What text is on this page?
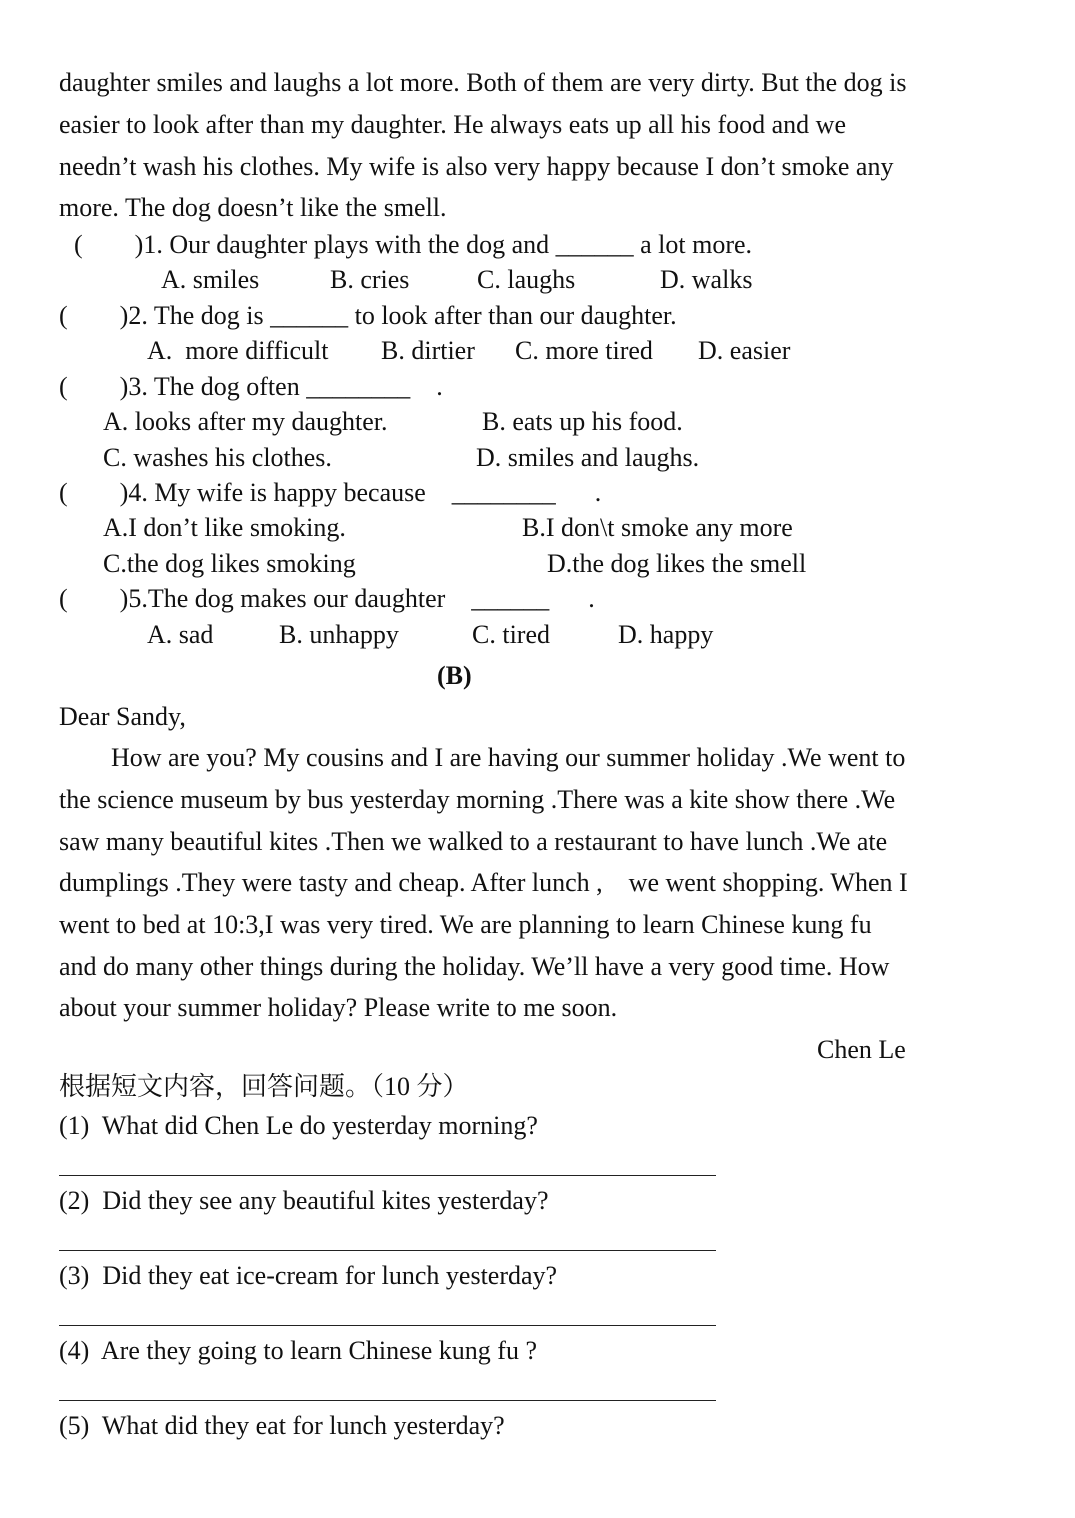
daughter smiles and laughs a lot more. Both of them are very dirty. But the dog is
easier to look after than my daughter. He always eats up all his food and we
needn’t wash his clothes. My wife is also very happy because I don’t smoke any
more. The dog doesn’t like the smell.
(        )1. Our daughter plays with the dog and ______ a lot more.
A. smiles	B. cries	C. laughs	D. walks
(        )2. The dog is ______ to look after than our daughter.
A.  more difficult B. dirtier C. more tired D. easier
(        )3. The dog often ________    .
A. looks after my daughter.	B. eats up his food.
C. washes his clothes.	D. smiles and laughs.
(        )4. My wife is happy because    ________      .
A.I don’t like smoking.	B.I don\t smoke any more
C.the dog likes smoking	D.the dog likes the smell
(        )5.The dog makes our daughter    ______      .
A. sad	B. unhappy	C. tired	D. happy
(B)
Dear Sandy,
How are you? My cousins and I are having our summer holiday .We went to
the science museum by bus yesterday morning .There was a kite show there .We
saw many beautiful kites .Then we walked to a restaurant to have lunch .We ate
dumplings .They were tasty and cheap. After lunch ,    we went shopping. When I
went to bed at 10:3,I was very tired. We are planning to learn Chinese kung fu
and do many other things during the holiday. We’ll have a very good time. How
about your summer holiday? Please write to me soon.
Chen Le
根据短文内容，回答问题。（10 分）
(1)  What did Chen Le do yesterday morning?
(2)  Did they see any beautiful kites yesterday?
(3)  Did they eat ice-cream for lunch yesterday?
(4)  Are they going to learn Chinese kung fu ?
(5)  What did they eat for lunch yesterday?
